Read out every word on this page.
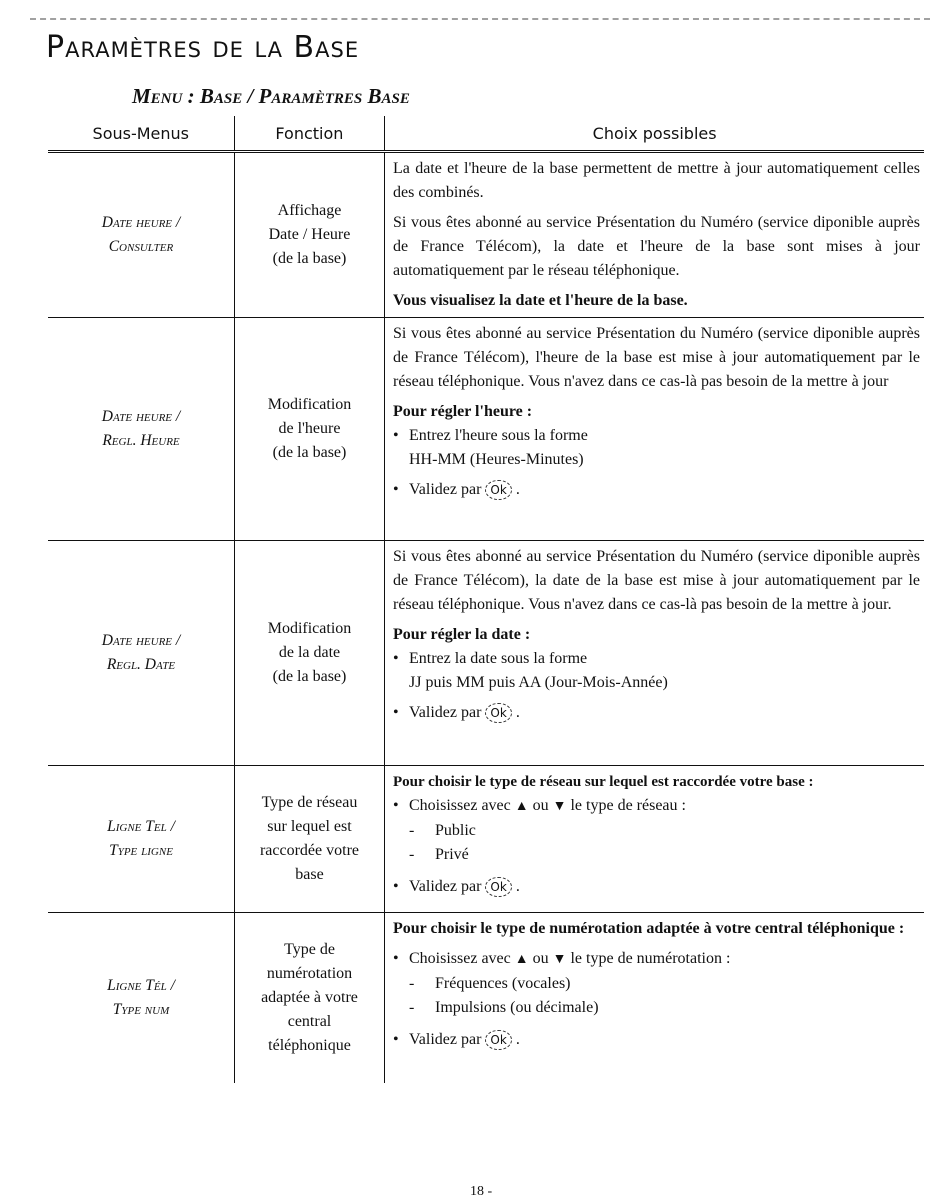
Paramètres de la Base
Menu : Base / Paramètres Base
Sous-Menus	Fonction	Choix possibles
Date heure /
Consulter
Affichage
Date / Heure
(de la base)

La date et l'heure de la base permettent de mettre à jour automatiquement celles des combinés.

Si vous êtes abonné au service Présentation du Numéro (service diponible auprès de France Télécom), la date et l'heure de la base sont mises à jour automatiquement par le réseau téléphonique.

Vous visualisez la date et l'heure de la base.

Date heure /
Regl. Heure
Modification
de l'heure
(de la base)

Si vous êtes abonné au service Présentation du Numéro (service diponible auprès de France Télécom), l'heure de la base est mise à jour automatiquement par le réseau téléphonique. Vous n'avez dans ce cas-là pas besoin de la mettre à jour

Pour régler l'heure :

• Entrez l'heure sous la forme
HH-MM (Heures-Minutes)
• Validez par Ok .
Date heure /
Regl. Date
Modification
de la date
(de la base)

Si vous êtes abonné au service Présentation du Numéro (service diponible auprès de France Télécom), la date de la base est mise à jour automatiquement par le réseau téléphonique. Vous n'avez dans ce cas-là pas besoin de la mettre à jour.

Pour régler la date :

• Entrez la date sous la forme
JJ puis MM puis AA (Jour-Mois-Année)
• Validez par Ok .
Ligne Tel /
Type ligne
Type de réseau
sur lequel est
raccordée votre
base
Pour choisir le type de réseau sur lequel est raccordée votre base :
• Choisissez avec ▲ ou ▼ le type de réseau :
- Public
- Privé
• Validez par Ok .
Ligne Tél /
Type num
Type de
numérotation
adaptée à votre
central
téléphonique

Pour choisir le type de numérotation adaptée à votre central téléphonique :

• Choisissez avec ▲ ou ▼ le type de numérotation :
- Fréquences (vocales)
- Impulsions (ou décimale)
• Validez par Ok .
18 -
